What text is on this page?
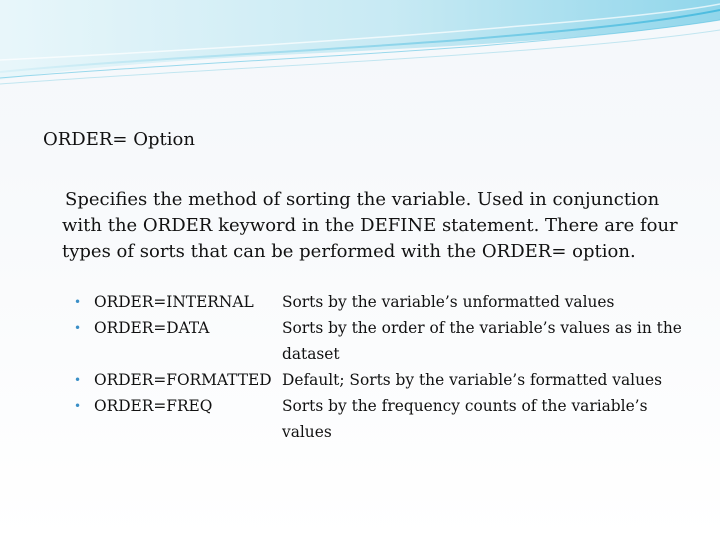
ORDER= Option

Specifies the method of sorting the variable. Used in conjunction with the ORDER keyword in the DEFINE statement. There are four types of sorts that can be performed with the ORDER= option.

• ORDER=INTERNAL	Sorts by the variable’s unformatted values
• ORDER=DATA	Sorts by the order of the variable’s values as in the dataset
• ORDER=FORMATTED Default; Sorts by the variable’s formatted values
• ORDER=FREQ	Sorts by the frequency counts of the variable’s values
